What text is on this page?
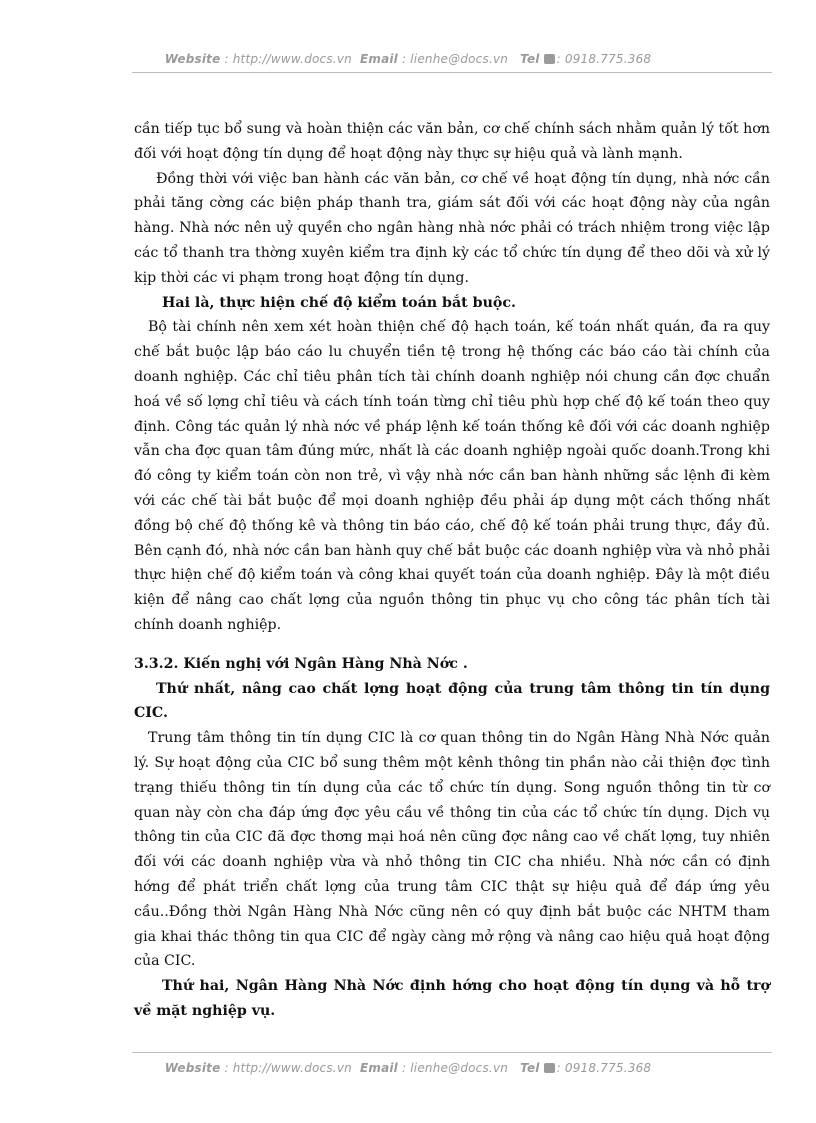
Website : http://www.docs.vn Email : lienhe@docs.vn Tel : 0918.775.368

cần tiếp tục bổ sung và hoàn thiện các văn bản, cơ chế chính sách nhằm quản lý tốt hơn đối với hoạt động tín dụng để hoạt động này thực sự hiệu quả và lành mạnh.

Đồng thời với việc ban hành các văn bản, cơ chế về hoạt động tín dụng, nhà nớc cần phải tăng cờng các biện pháp thanh tra, giám sát đối với các hoạt động này của ngân hàng. Nhà nớc nên uỷ quyền cho ngân hàng nhà nớc phải có trách nhiệm trong việc lập các tổ thanh tra thờng xuyên kiểm tra định kỳ các tổ chức tín dụng để theo dõi và xử lý kịp thời các vi phạm trong hoạt động tín dụng.

Hai là, thực hiện chế độ kiểm toán bắt buộc.

Bộ tài chính nên xem xét hoàn thiện chế độ hạch toán, kế toán nhất quán, đa ra quy chế bắt buộc lập báo cáo lu chuyển tiền tệ trong hệ thống các báo cáo tài chính của doanh nghiệp. Các chỉ tiêu phân tích tài chính doanh nghiệp nói chung cần đợc chuẩn hoá về số lợng chỉ tiêu và cách tính toán từng chỉ tiêu phù hợp chế độ kế toán theo quy định. Công tác quản lý nhà nớc về pháp lệnh kế toán thống kê đối với các doanh nghiệp vẫn cha đợc quan tâm đúng mức, nhất là các doanh nghiệp ngoài quốc doanh.Trong khi đó công ty kiểm toán còn non trẻ, vì vậy nhà nớc cần ban hành những sắc lệnh đi kèm với các chế tài bắt buộc để mọi doanh nghiệp đều phải áp dụng một cách thống nhất đồng bộ chế độ thống kê và thông tin báo cáo, chế độ kế toán phải trung thực, đầy đủ. Bên cạnh đó, nhà nớc cần ban hành quy chế bắt buộc các doanh nghiệp vừa và nhỏ phải thực hiện chế độ kiểm toán và công khai quyết toán của doanh nghiệp. Đây là một điều kiện để nâng cao chất lợng của nguồn thông tin phục vụ cho công tác phân tích tài chính doanh nghiệp.

3.3.2. Kiến nghị với Ngân Hàng Nhà Nớc .

Thứ nhất, nâng cao chất lợng hoạt động của trung tâm thông tin tín dụng CIC.

Trung tâm thông tin tín dụng CIC là cơ quan thông tin do Ngân Hàng Nhà Nớc quản lý. Sự hoạt động của CIC bổ sung thêm một kênh thông tin phần nào cải thiện đợc tình trạng thiếu thông tin tín dụng của các tổ chức tín dụng. Song nguồn thông tin từ cơ quan này còn cha đáp ứng đợc yêu cầu về thông tin của các tổ chức tín dụng. Dịch vụ thông tin của CIC đã đợc thơng mại hoá nên cũng đợc nâng cao về chất lợng, tuy nhiên đối với các doanh nghiệp vừa và nhỏ thông tin CIC cha nhiều. Nhà nớc cần có định hớng để phát triển chất lợng của trung tâm CIC thật sự hiệu quả để đáp ứng yêu cầu..Đồng thời Ngân Hàng Nhà Nớc cũng nên có quy định bắt buộc các NHTM tham gia khai thác thông tin qua CIC để ngày càng mở rộng và nâng cao hiệu quả hoạt động của CIC.

Thứ hai, Ngân Hàng Nhà Nớc định hớng cho hoạt động tín dụng và hỗ trợ về mặt nghiệp vụ.

Website : http://www.docs.vn Email : lienhe@docs.vn Tel : 0918.775.368
